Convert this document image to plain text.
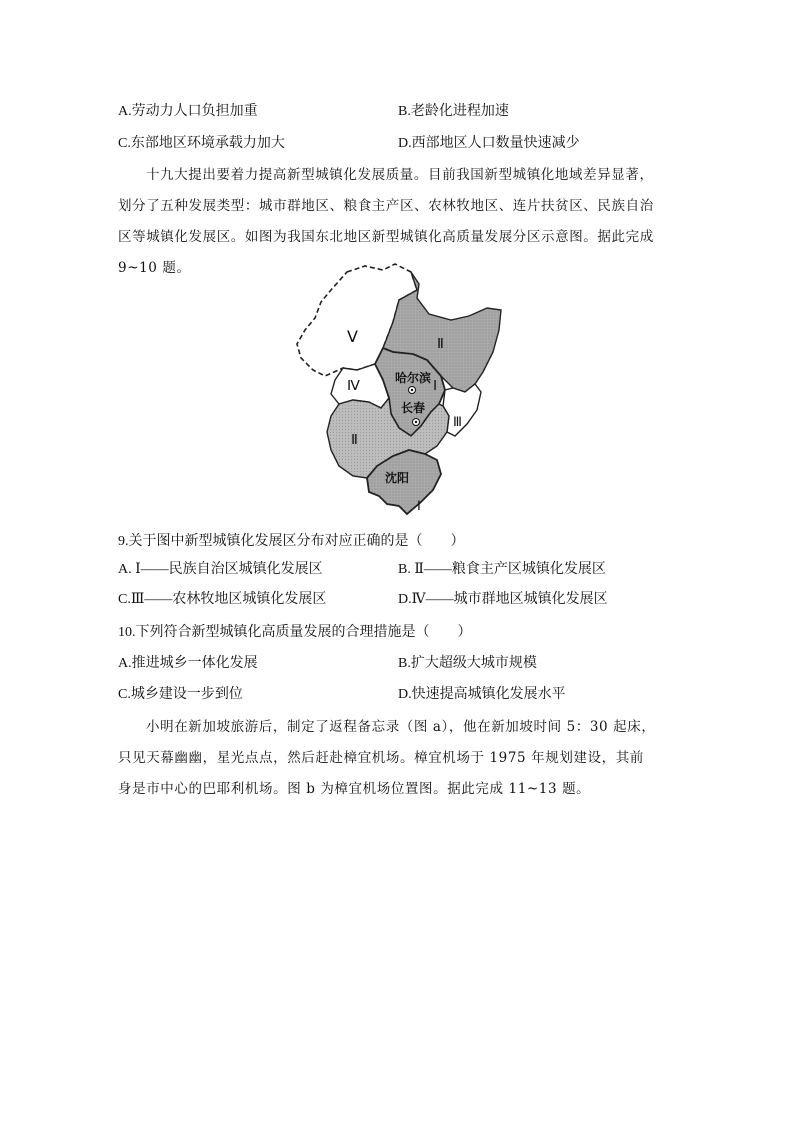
A.劳动力人口负担加重	B.老龄化进程加速
C.东部地区环境承载力加大	D.西部地区人口数量快速减少

十九大提出要着力提高新型城镇化发展质量。目前我国新型城镇化地域差异显著，划分了五种发展类型：城市群地区、粮食主产区、农林牧地区、连片扶贫区、民族自治区等城镇化发展区。如图为我国东北地区新型城镇化高质量发展分区示意图。据此完成 9~10 题。

Ⅴ	Ⅱ
Ⅳ	Ⅰ
Ⅲ
Ⅱ
Ⅰ
哈尔滨
长春
沈阳
9.关于图中新型城镇化发展区分布对应正确的是（　　）
A. Ⅰ——民族自治区城镇化发展区	B. Ⅱ——粮食主产区城镇化发展区
C.Ⅲ——农林牧地区城镇化发展区	D.Ⅳ——城市群地区城镇化发展区
10.下列符合新型城镇化高质量发展的合理措施是（　　）
A.推进城乡一体化发展	B.扩大超级大城市规模
C.城乡建设一步到位	D.快速提高城镇化发展水平

小明在新加坡旅游后，制定了返程备忘录（图 a），他在新加坡时间 5：30 起床，只见天幕幽幽，星光点点，然后赶赴樟宜机场。樟宜机场于 1975 年规划建设，其前身是市中心的巴耶利机场。图 b 为樟宜机场位置图。据此完成 11~13 题。
